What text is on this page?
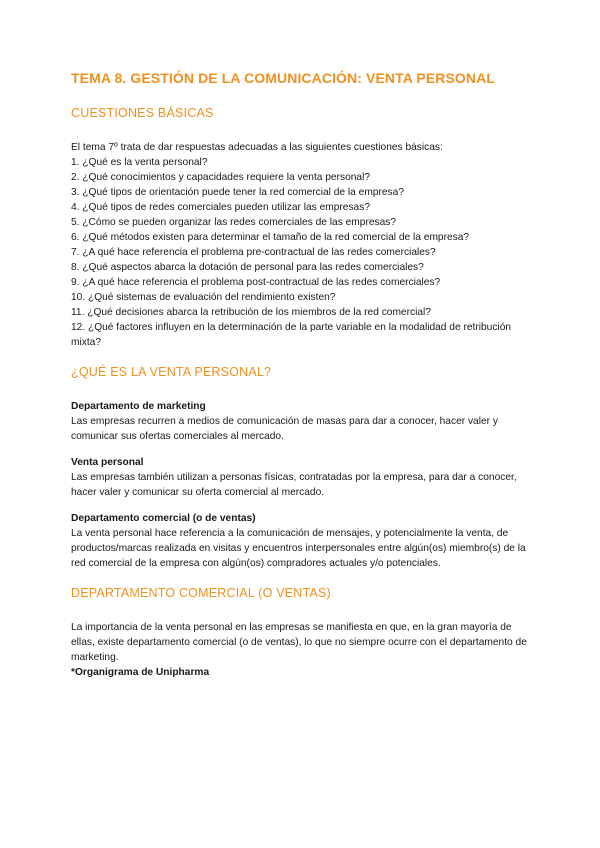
TEMA 8. GESTIÓN DE LA COMUNICACIÓN: VENTA PERSONAL
CUESTIONES BÁSICAS

El tema 7º trata de dar respuestas adecuadas a las siguientes cuestiones básicas:

1. ¿Qué es la venta personal?
2. ¿Qué conocimientos y capacidades requiere la venta personal?
3. ¿Qué tipos de orientación puede tener la red comercial de la empresa?
4. ¿Qué tipos de redes comerciales pueden utilizar las empresas?
5. ¿Cómo se pueden organizar las redes comerciales de las empresas?
6. ¿Qué métodos existen para determinar el tamaño de la red comercial de la empresa?
7. ¿A qué hace referencia el problema pre-contractual de las redes comerciales?
8. ¿Qué aspectos abarca la dotación de personal para las redes comerciales?
9. ¿A qué hace referencia el problema post-contractual de las redes comerciales?
10. ¿Qué sistemas de evaluación del rendimiento existen?
11. ¿Qué decisiones abarca la retribución de los miembros de la red comercial?
12. ¿Qué factores influyen en la determinación de la parte variable en la modalidad de retribución mixta?
¿QUÉ ES LA VENTA PERSONAL?

Departamento de marketing

Las empresas recurren a medios de comunicación de masas para dar a conocer, hacer valer y comunicar sus ofertas comerciales al mercado.

Venta personal

Las empresas también utilizan a personas físicas, contratadas por la empresa, para dar a conocer, hacer valer y comunicar su oferta comercial al mercado.

Departamento comercial (o de ventas)

La venta personal hace referencia a la comunicación de mensajes, y potencialmente la venta, de productos/marcas realizada en visitas y encuentros interpersonales entre algún(os) miembro(s) de la red comercial de la empresa con algún(os) compradores actuales y/o potenciales.

DEPARTAMENTO COMERCIAL (O VENTAS)

La importancia de la venta personal en las empresas se manifiesta en que, en la gran mayoría de ellas, existe departamento comercial (o de ventas), lo que no siempre ocurre con el departamento de marketing.

*Organigrama de Unipharma
